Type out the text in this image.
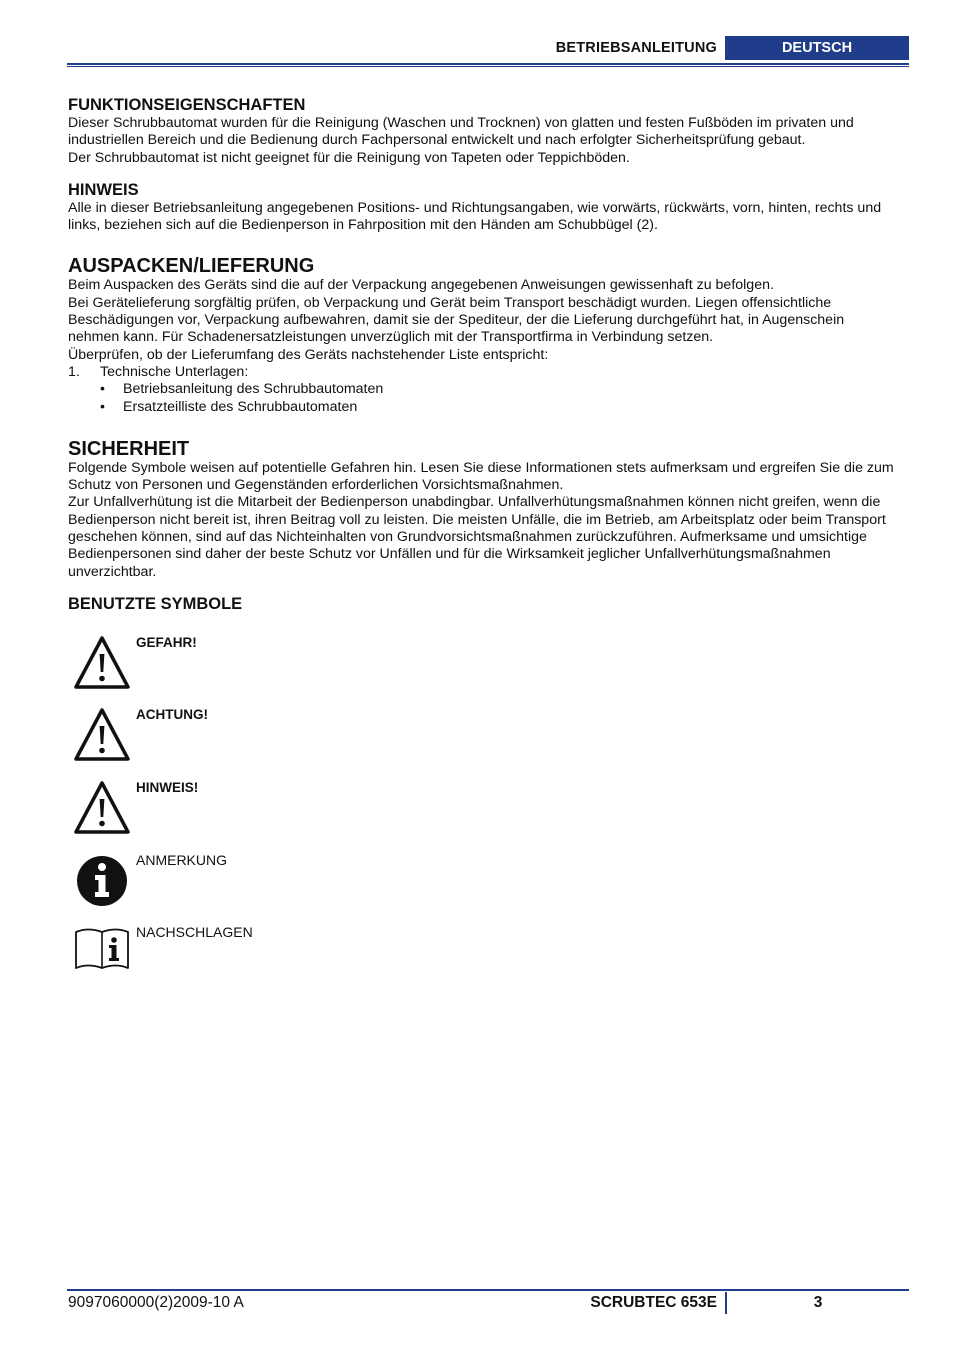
BETRIEBSANLEITUNG	DEUTSCH
FUNKTIONSEIGENSCHAFTEN

Dieser Schrubbautomat wurden für die Reinigung (Waschen und Trocknen) von glatten und festen Fußböden im privaten und

industriellen Bereich und die Bedienung durch Fachpersonal entwickelt und nach erfolgter Sicherheitsprüfung gebaut.

Der Schrubbautomat ist nicht geeignet für die Reinigung von Tapeten oder Teppichböden.

HINWEIS

Alle in dieser Betriebsanleitung angegebenen Positions- und Richtungsangaben, wie vorwärts, rückwärts, vorn, hinten, rechts und

links, beziehen sich auf die Bedienperson in Fahrposition mit den Händen am Schubbügel (2).

AUSPACKEN/LIEFERUNG

Beim Auspacken des Geräts sind die auf der Verpackung angegebenen Anweisungen gewissenhaft zu befolgen.

Bei Gerätelieferung sorgfältig prüfen, ob Verpackung und Gerät beim Transport beschädigt wurden. Liegen offensichtliche

Beschädigungen vor, Verpackung aufbewahren, damit sie der Spediteur, der die Lieferung durchgeführt hat, in Augenschein

nehmen kann. Für Schadenersatzleistungen unverzüglich mit der Transportfirma in Verbindung setzen.

Überprüfen, ob der Lieferumfang des Geräts nachstehender Liste entspricht:

1. Technische Unterlagen:

• Betriebsanleitung des Schrubbautomaten

• Ersatzteilliste des Schrubbautomaten

SICHERHEIT

Folgende Symbole weisen auf potentielle Gefahren hin. Lesen Sie diese Informationen stets aufmerksam und ergreifen Sie die zum

Schutz von Personen und Gegenständen erforderlichen Vorsichtsmaßnahmen.

Zur Unfallverhütung ist die Mitarbeit der Bedienperson unabdingbar. Unfallverhütungsmaßnahmen können nicht greifen, wenn die

Bedienperson nicht bereit ist, ihren Beitrag voll zu leisten. Die meisten Unfälle, die im Betrieb, am Arbeitsplatz oder beim Transport

geschehen können, sind auf das Nichteinhalten von Grundvorsichtsmaßnahmen zurückzuführen. Aufmerksame und umsichtige

Bedienpersonen sind daher der beste Schutz vor Unfällen und für die Wirksamkeit jeglicher Unfallverhütungsmaßnahmen

unverzichtbar.

BENUTZTE SYMBOLE
GEFAHR!
ACHTUNG!
HINWEIS!
ANMERKUNG
NACHSCHLAGEN
9097060000(2)2009-10 A	SCRUBTEC 653E	3
